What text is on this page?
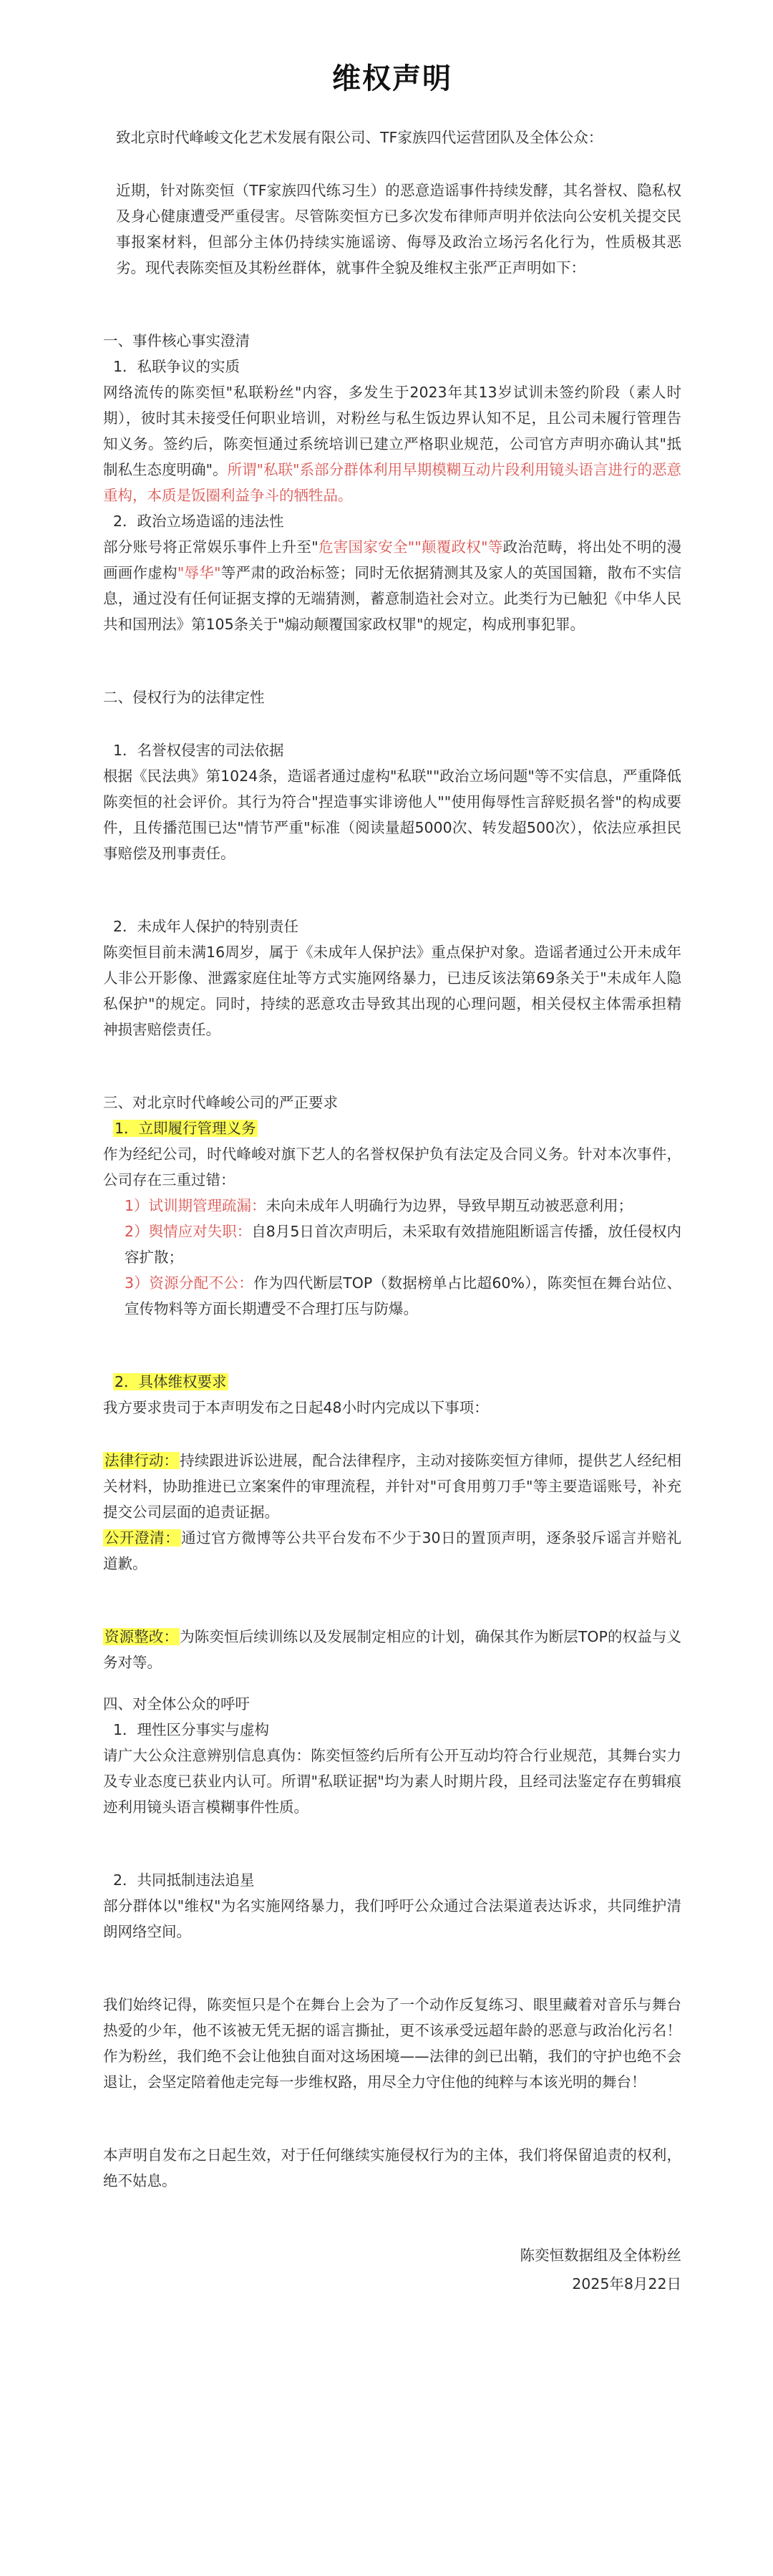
维权声明

致北京时代峰峻文化艺术发展有限公司、TF家族四代运营团队及全体公众：

近期，针对陈奕恒（TF家族四代练习生）的恶意造谣事件持续发酵，其名誉权、隐私权及身心健康遭受严重侵害。尽管陈奕恒方已多次发布律师声明并依法向公安机关提交民事报案材料，但部分主体仍持续实施谣谤、侮辱及政治立场污名化行为，性质极其恶劣。现代表陈奕恒及其粉丝群体，就事件全貌及维权主张严正声明如下：

一、事件核心事实澄清

1．私联争议的实质

网络流传的陈奕恒"私联粉丝"内容，多发生于2023年其13岁试训未签约阶段（素人时期），彼时其未接受任何职业培训，对粉丝与私生饭边界认知不足，且公司未履行管理告知义务。签约后，陈奕恒通过系统培训已建立严格职业规范，公司官方声明亦确认其"抵制私生态度明确"。所谓"私联"系部分群体利用早期模糊互动片段利用镜头语言进行的恶意重构，本质是饭圈利益争斗的牺牲品。

2．政治立场造谣的违法性

部分账号将正常娱乐事件上升至"危害国家安全""颠覆政权"等政治范畴，将出处不明的漫画画作虚构"辱华"等严肃的政治标签；同时无依据猜测其及家人的英国国籍，散布不实信息，通过没有任何证据支撑的无端猜测，蓄意制造社会对立。此类行为已触犯《中华人民共和国刑法》第105条关于"煽动颠覆国家政权罪"的规定，构成刑事犯罪。

二、侵权行为的法律定性

1．名誉权侵害的司法依据

根据《民法典》第1024条，造谣者通过虚构"私联""政治立场问题"等不实信息，严重降低陈奕恒的社会评价。其行为符合"捏造事实诽谤他人""使用侮辱性言辞贬损名誉"的构成要件，且传播范围已达"情节严重"标准（阅读量超5000次、转发超500次），依法应承担民事赔偿及刑事责任。

2．未成年人保护的特别责任

陈奕恒目前未满16周岁，属于《未成年人保护法》重点保护对象。造谣者通过公开未成年人非公开影像、泄露家庭住址等方式实施网络暴力，已违反该法第69条关于"未成年人隐私保护"的规定。同时，持续的恶意攻击导致其出现的心理问题，相关侵权主体需承担精神损害赔偿责任。

三、对北京时代峰峻公司的严正要求

1．立即履行管理义务

作为经纪公司，时代峰峻对旗下艺人的名誉权保护负有法定及合同义务。针对本次事件，公司存在三重过错：

1）试训期管理疏漏：未向未成年人明确行为边界，导致早期互动被恶意利用；

2）舆情应对失职：自8月5日首次声明后，未采取有效措施阻断谣言传播，放任侵权内容扩散；

3）资源分配不公：作为四代断层TOP（数据榜单占比超60%），陈奕恒在舞台站位、宣传物料等方面长期遭受不合理打压与防爆。

2．具体维权要求

我方要求贵司于本声明发布之日起48小时内完成以下事项：

法律行动：持续跟进诉讼进展，配合法律程序，主动对接陈奕恒方律师，提供艺人经纪相关材料，协助推进已立案案件的审理流程，并针对"可食用剪刀手"等主要造谣账号，补充提交公司层面的追责证据。

公开澄清：通过官方微博等公共平台发布不少于30日的置顶声明，逐条驳斥谣言并赔礼道歉。

资源整改：为陈奕恒后续训练以及发展制定相应的计划，确保其作为断层TOP的权益与义务对等。

四、对全体公众的呼吁

1．理性区分事实与虚构

请广大公众注意辨别信息真伪：陈奕恒签约后所有公开互动均符合行业规范，其舞台实力及专业态度已获业内认可。所谓"私联证据"均为素人时期片段，且经司法鉴定存在剪辑痕迹利用镜头语言模糊事件性质。

2．共同抵制违法追星

部分群体以"维权"为名实施网络暴力，我们呼吁公众通过合法渠道表达诉求，共同维护清朗网络空间。

我们始终记得，陈奕恒只是个在舞台上会为了一个动作反复练习、眼里藏着对音乐与舞台热爱的少年，他不该被无凭无据的谣言撕扯，更不该承受远超年龄的恶意与政治化污名！作为粉丝，我们绝不会让他独自面对这场困境——法律的剑已出鞘，我们的守护也绝不会退让，会坚定陪着他走完每一步维权路，用尽全力守住他的纯粹与本该光明的舞台！

本声明自发布之日起生效，对于任何继续实施侵权行为的主体，我们将保留追责的权利，绝不姑息。

陈奕恒数据组及全体粉丝
2025年8月22日
